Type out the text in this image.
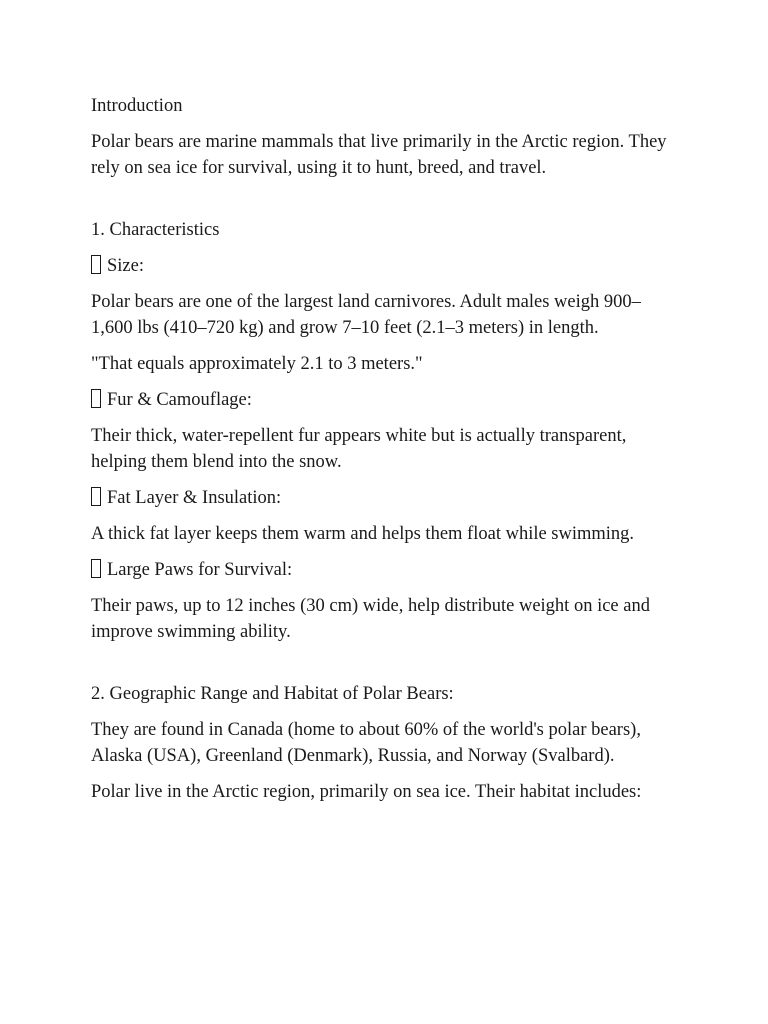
Introduction

Polar bears are marine mammals that live primarily in the Arctic region. They rely on sea ice for survival, using it to hunt, breed, and travel.

1. Characteristics

Size:

Polar bears are one of the largest land carnivores. Adult males weigh 900–1,600 lbs (410–720 kg) and grow 7–10 feet (2.1–3 meters) in length.

"That equals approximately 2.1 to 3 meters."

Fur & Camouflage:

Their thick, water-repellent fur appears white but is actually transparent, helping them blend into the snow.

Fat Layer & Insulation:

A thick fat layer keeps them warm and helps them float while swimming.

Large Paws for Survival:

Their paws, up to 12 inches (30 cm) wide, help distribute weight on ice and improve swimming ability.

2. Geographic Range and Habitat of Polar Bears:

They are found in Canada (home to about 60% of the world's polar bears), Alaska (USA), Greenland (Denmark), Russia, and Norway (Svalbard).

Polar live in the Arctic region, primarily on sea ice. Their habitat includes:
